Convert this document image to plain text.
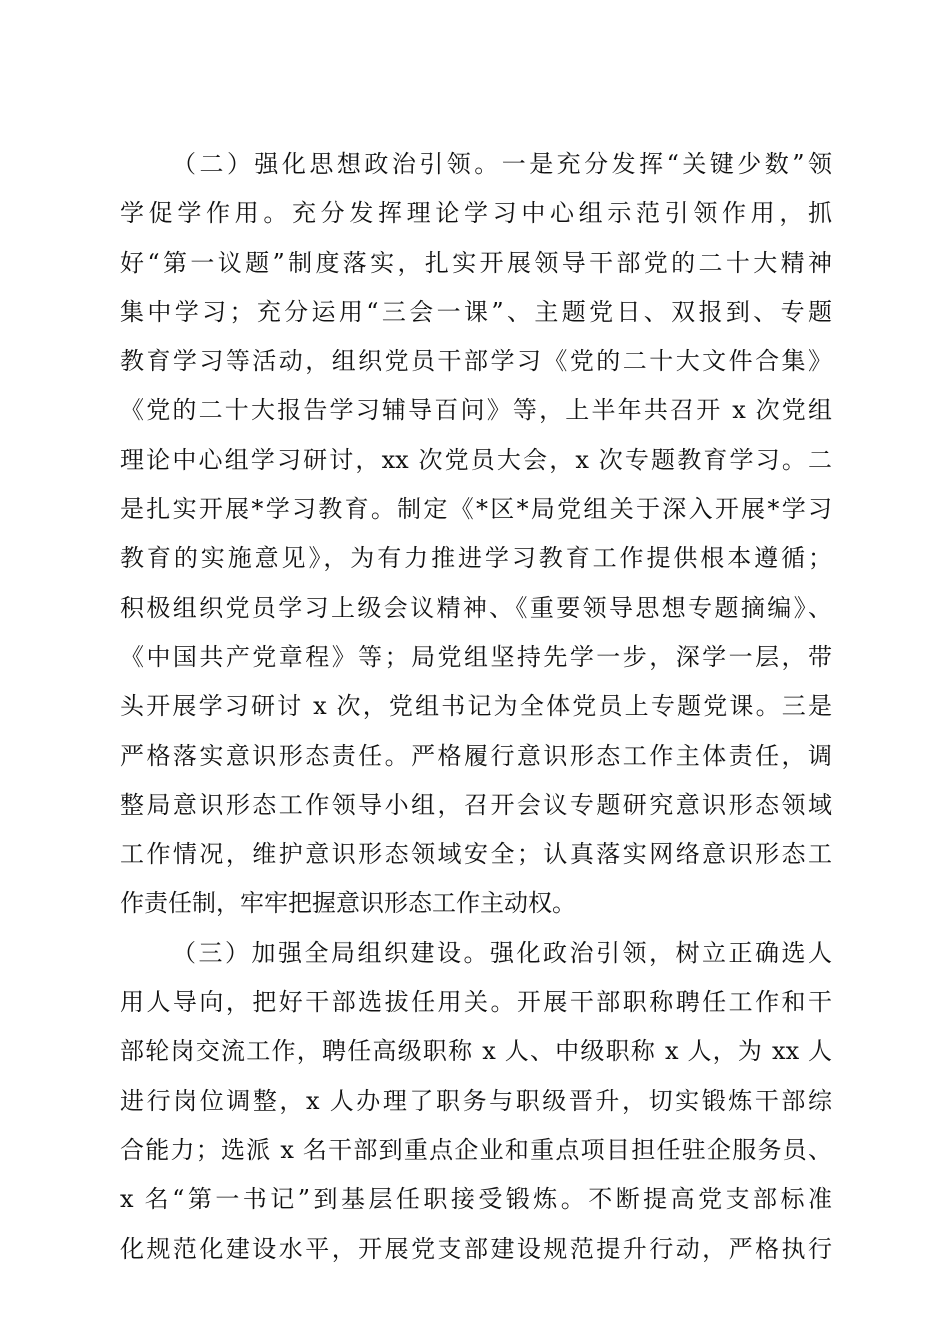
（二）强化思想政治引领。一是充分发挥“关键少数”领
学促学作用。充分发挥理论学习中心组示范引领作用，抓
好“第一议题”制度落实，扎实开展领导干部党的二十大精神
集中学习；充分运用“三会一课”、主题党日、双报到、专题
教育学习等活动，组织党员干部学习《党的二十大文件合集》
《党的二十大报告学习辅导百问》等，上半年共召开 x 次党组
理论中心组学习研讨，xx 次党员大会，x 次专题教育学习。二
是扎实开展*学习教育。制定《*区*局党组关于深入开展*学习
教育的实施意见》，为有力推进学习教育工作提供根本遵循；
积极组织党员学习上级会议精神、《重要领导思想专题摘编》、
《中国共产党章程》等；局党组坚持先学一步，深学一层，带
头开展学习研讨 x 次，党组书记为全体党员上专题党课。三是
严格落实意识形态责任。严格履行意识形态工作主体责任，调
整局意识形态工作领导小组，召开会议专题研究意识形态领域
工作情况，维护意识形态领域安全；认真落实网络意识形态工
作责任制，牢牢把握意识形态工作主动权。
（三）加强全局组织建设。强化政治引领，树立正确选人
用人导向，把好干部选拔任用关。开展干部职称聘任工作和干
部轮岗交流工作，聘任高级职称 x 人、中级职称 x 人，为 xx 人
进行岗位调整，x 人办理了职务与职级晋升，切实锻炼干部综
合能力；选派 x 名干部到重点企业和重点项目担任驻企服务员、
x 名“第一书记”到基层任职接受锻炼。不断提高党支部标准
化规范化建设水平，开展党支部建设规范提升行动，严格执行
